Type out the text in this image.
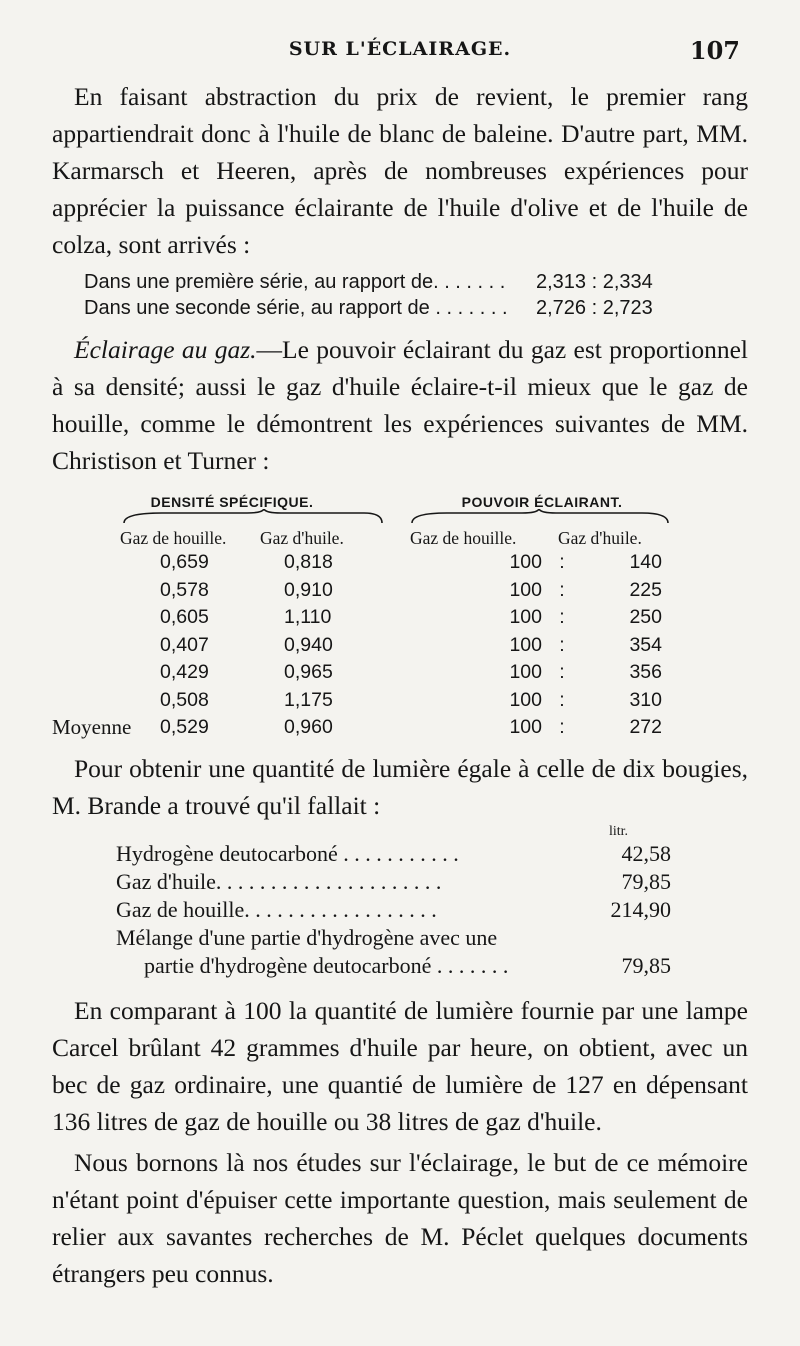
SUR L'ÉCLAIRAGE.	107

En faisant abstraction du prix de revient, le premier rang appartiendrait donc à l'huile de blanc de baleine. D'autre part, MM. Karmarsch et Heeren, après de nombreuses expériences pour apprécier la puissance éclairante de l'huile d'olive et de l'huile de colza, sont arrivés :

Dans une première série, au rapport de. . . . . . .	2,313 : 2,334
Dans une seconde série, au rapport de . . . . . . .	2,726 : 2,723

Éclairage au gaz.—Le pouvoir éclairant du gaz est proportionnel à sa densité; aussi le gaz d'huile éclaire-t-il mieux que le gaz de houille, comme le démontrent les expériences suivantes de MM. Christison et Turner :

DENSITÉ SPÉCIFIQUE.	POUVOIR ÉCLAIRANT.
Gaz de houille.	Gaz d'huile.	Gaz de houille.	Gaz d'huile.
0,659	0,818	100 :	140
0,578	0,910	100 :	225
0,605	1,110	100 :	250
0,407	0,940	100 :	354
0,429	0,965	100 :	356
0,508	1,175	100 :	310
Moyenne	0,529	0,960	100 :	272

Pour obtenir une quantité de lumière égale à celle de dix bougies, M. Brande a trouvé qu'il fallait :

litr.
Hydrogène deutocarboné . . . . . . . . . . .	42,58
Gaz d'huile. . . . . . . . . . . . . . . . . . . . .	79,85
Gaz de houille. . . . . . . . . . . . . . . . . .	214,90
Mélange d'une partie d'hydrogène avec une
partie d'hydrogène deutocarboné . . . . . . .	79,85

En comparant à 100 la quantité de lumière fournie par une lampe Carcel brûlant 42 grammes d'huile par heure, on obtient, avec un bec de gaz ordinaire, une quantié de lumière de 127 en dépensant 136 litres de gaz de houille ou 38 litres de gaz d'huile.

Nous bornons là nos études sur l'éclairage, le but de ce mémoire n'étant point d'épuiser cette importante question, mais seulement de relier aux savantes recherches de M. Péclet quelques documents étrangers peu connus.
